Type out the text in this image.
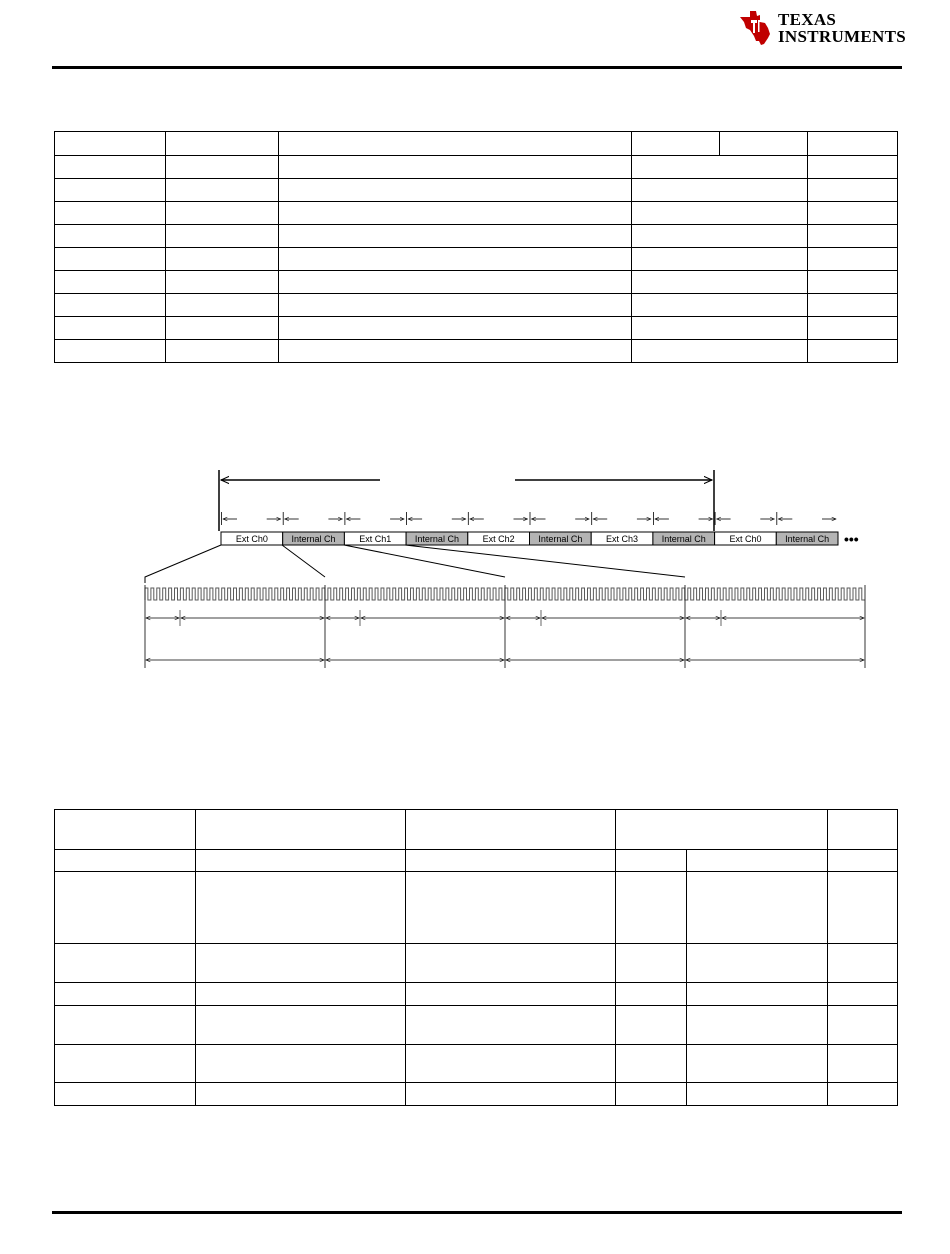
TEXAS
INSTRUMENTS

Ext Ch0	Internal Ch	Ext Ch1	Internal Ch	Ext Ch2	Internal Ch	Ext Ch3	Internal Ch	Ext Ch0	Internal Ch •••
